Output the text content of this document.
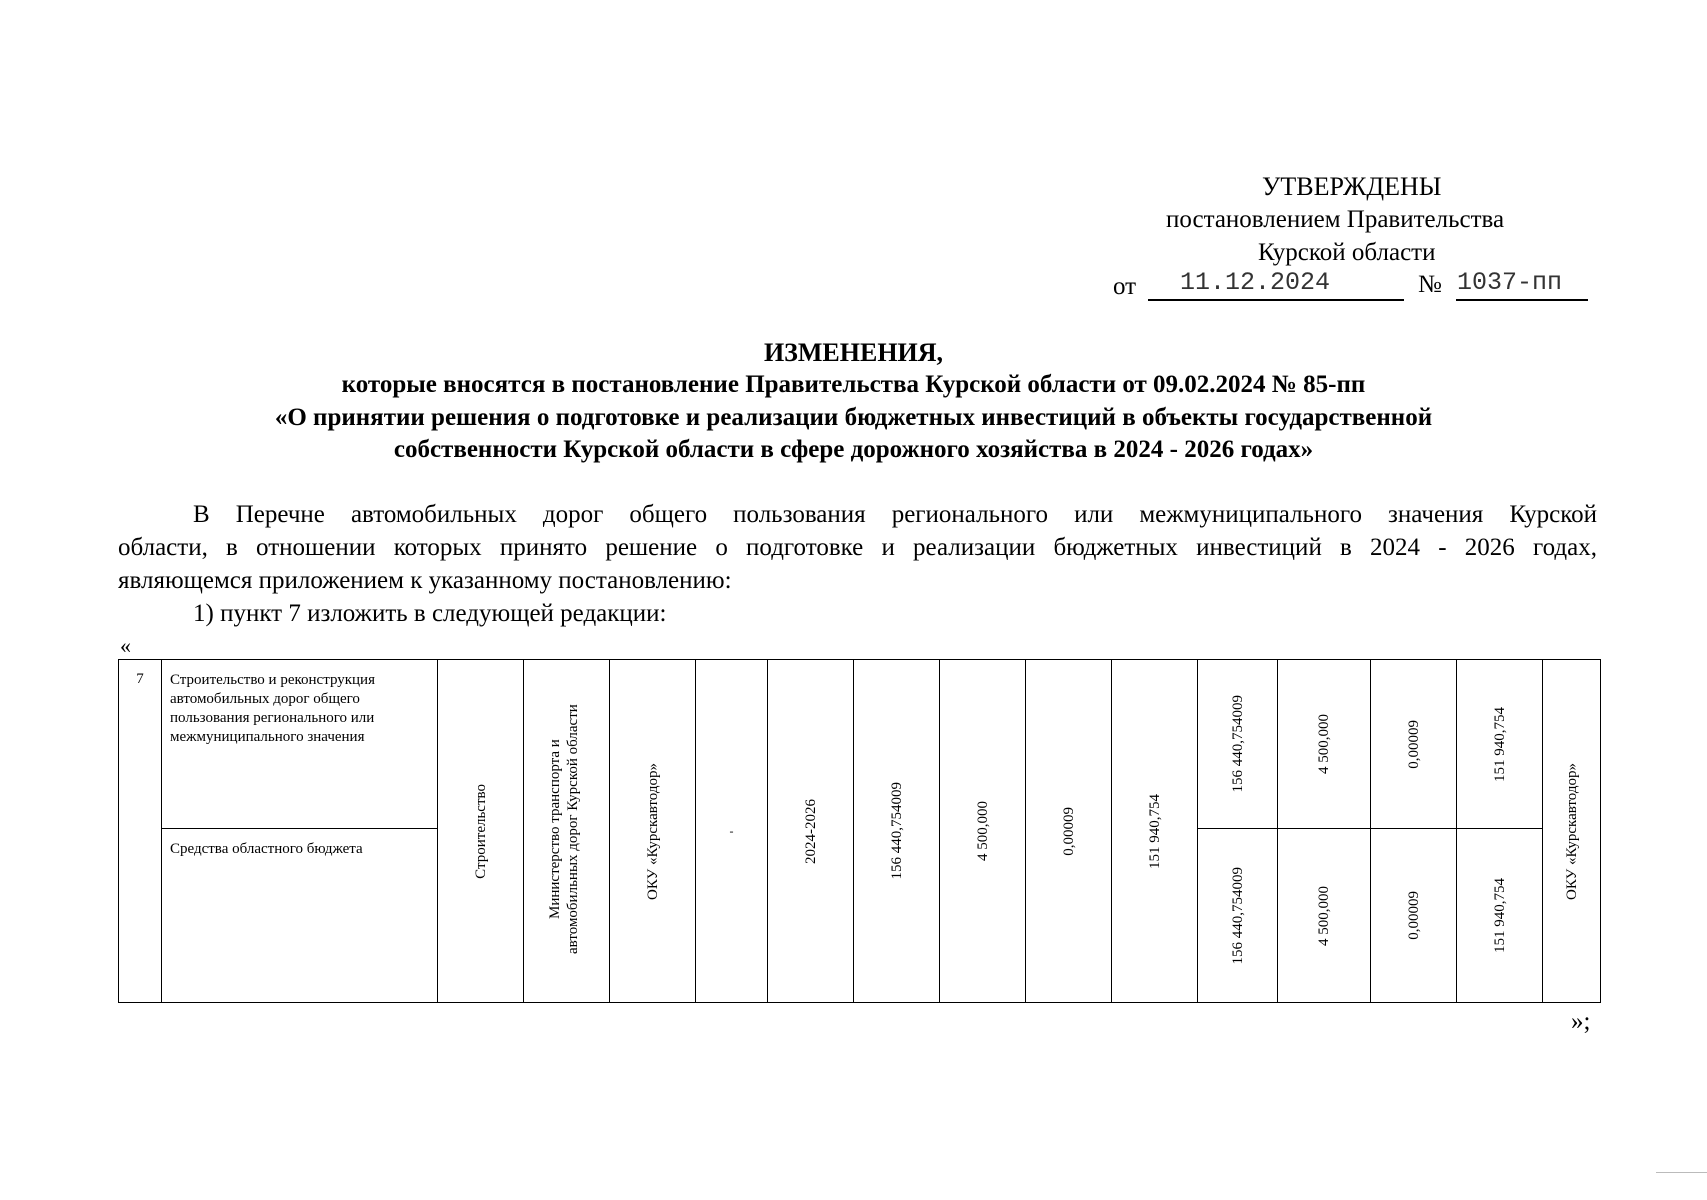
УТВЕРЖДЕНЫ
постановлением Правительства
Курской области
от 11.12.2024	№ 1037-пп
ИЗМЕНЕНИЯ,
которые вносятся в постановление Правительства Курской области от 09.02.2024 № 85-пп
«О принятии решения о подготовке и реализации бюджетных инвестиций в объекты государственной
собственности Курской области в сфере дорожного хозяйства в 2024 - 2026 годах»
В Перечне автомобильных дорог общего пользования регионального или межмуниципального значения Курской
области, в отношении которых принято решение о подготовке и реализации бюджетных инвестиций в 2024 - 2026 годах,
являющемся приложением к указанному постановлению:
1) пункт 7 изложить в следующей редакции:
«
7	Строительство и реконструкция автомобильных дорог общего пользования регионального или межмуниципального значения	Строительство	Министерство транспорта и автомобильных дорог Курской области	ОКУ «Курскавтодор»	-	2024-2026	156 440,754009	4 500,000	0,00009	151 940,754	156 440,754009	4 500,000	0,00009	151 940,754	ОКУ «Курскавтодор»

	Средства областного бюджета										156 440,754009	4 500,000	0,00009	151 940,754	
»;
